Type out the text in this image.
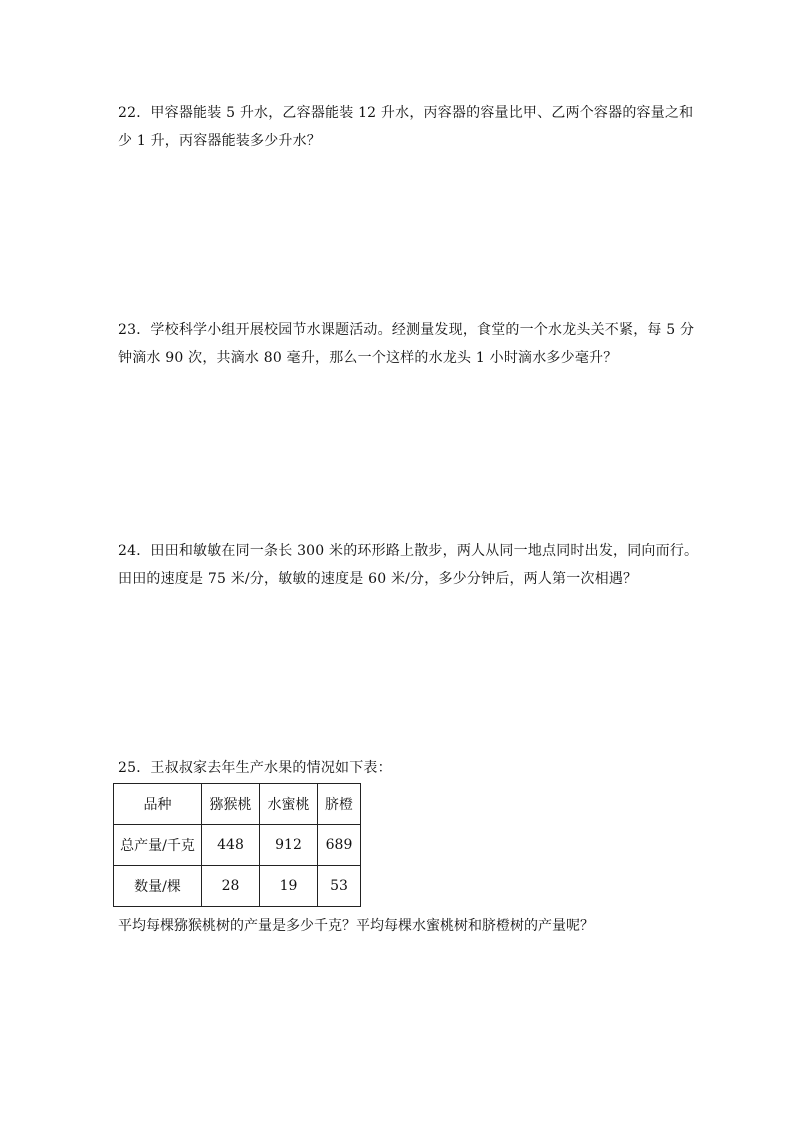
22．甲容器能装 5 升水，乙容器能装 12 升水，丙容器的容量比甲、乙两个容器的容量之和
少 1 升，丙容器能装多少升水？
23．学校科学小组开展校园节水课题活动。经测量发现，食堂的一个水龙头关不紧，每 5 分
钟滴水 90 次，共滴水 80 毫升，那么一个这样的水龙头 1 小时滴水多少毫升？
24．田田和敏敏在同一条长 300 米的环形路上散步，两人从同一地点同时出发，同向而行。
田田的速度是 75 米/分，敏敏的速度是 60 米/分，多少分钟后，两人第一次相遇？
25．王叔叔家去年生产水果的情况如下表：
品种	猕猴桃	水蜜桃	脐橙
总产量/千克	448	912	689
数量/棵	28	19	53
平均每棵猕猴桃树的产量是多少千克？平均每棵水蜜桃树和脐橙树的产量呢？
